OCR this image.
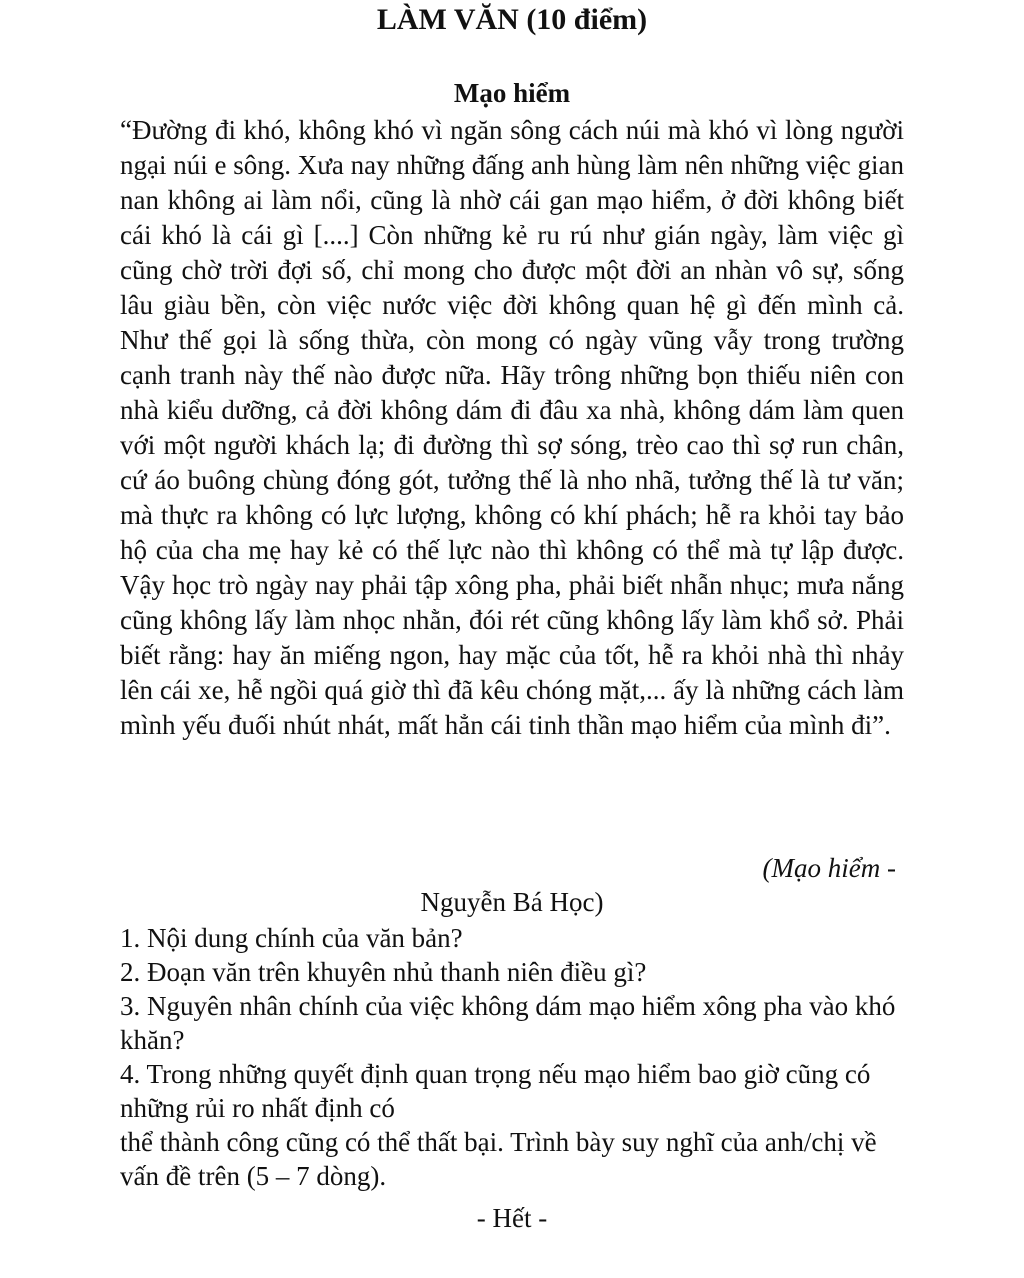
LÀM VĂN (10 điểm)
Mạo hiểm

“Đường đi khó, không khó vì ngăn sông cách núi mà khó vì lòng người ngại núi e sông. Xưa nay những đấng anh hùng làm nên những việc gian nan không ai làm nổi, cũng là nhờ cái gan mạo hiểm, ở đời không biết cái khó là cái gì [....] Còn những kẻ ru rú như gián ngày, làm việc gì cũng chờ trời đợi số, chỉ mong cho được một đời an nhàn vô sự, sống lâu giàu bền, còn việc nước việc đời không quan hệ gì đến mình cả. Như thế gọi là sống thừa, còn mong có ngày vũng vẫy trong trường cạnh tranh này thế nào được nữa. Hãy trông những bọn thiếu niên con nhà kiểu dưỡng, cả đời không dám đi đâu xa nhà, không dám làm quen với một người khách lạ; đi đường thì sợ sóng, trèo cao thì sợ run chân, cứ áo buông chùng đóng gót, tưởng thế là nho nhã, tưởng thế là tư văn; mà thực ra không có lực lượng, không có khí phách; hễ ra khỏi tay bảo hộ của cha mẹ hay kẻ có thế lực nào thì không có thể mà tự lập được. Vậy học trò ngày nay phải tập xông pha, phải biết nhẫn nhục; mưa nắng cũng không lấy làm nhọc nhằn, đói rét cũng không lấy làm khổ sở. Phải biết rằng: hay ăn miếng ngon, hay mặc của tốt, hễ ra khỏi nhà thì nhảy lên cái xe, hễ ngồi quá giờ thì đã kêu chóng mặt,... ấy là những cách làm mình yếu đuối nhút nhát, mất hẳn cái tinh thần mạo hiểm của mình đi”.

(Mạo hiểm -

Nguyễn Bá Học)

1. Nội dung chính của văn bản?
2. Đoạn văn trên khuyên nhủ thanh niên điều gì?
3. Nguyên nhân chính của việc không dám mạo hiểm xông pha vào khó khăn?
4. Trong những quyết định quan trọng nếu mạo hiểm bao giờ cũng có những rủi ro nhất định có
thể thành công cũng có thể thất bại. Trình bày suy nghĩ của anh/chị về vấn đề trên (5 – 7 dòng).

- Hết -
